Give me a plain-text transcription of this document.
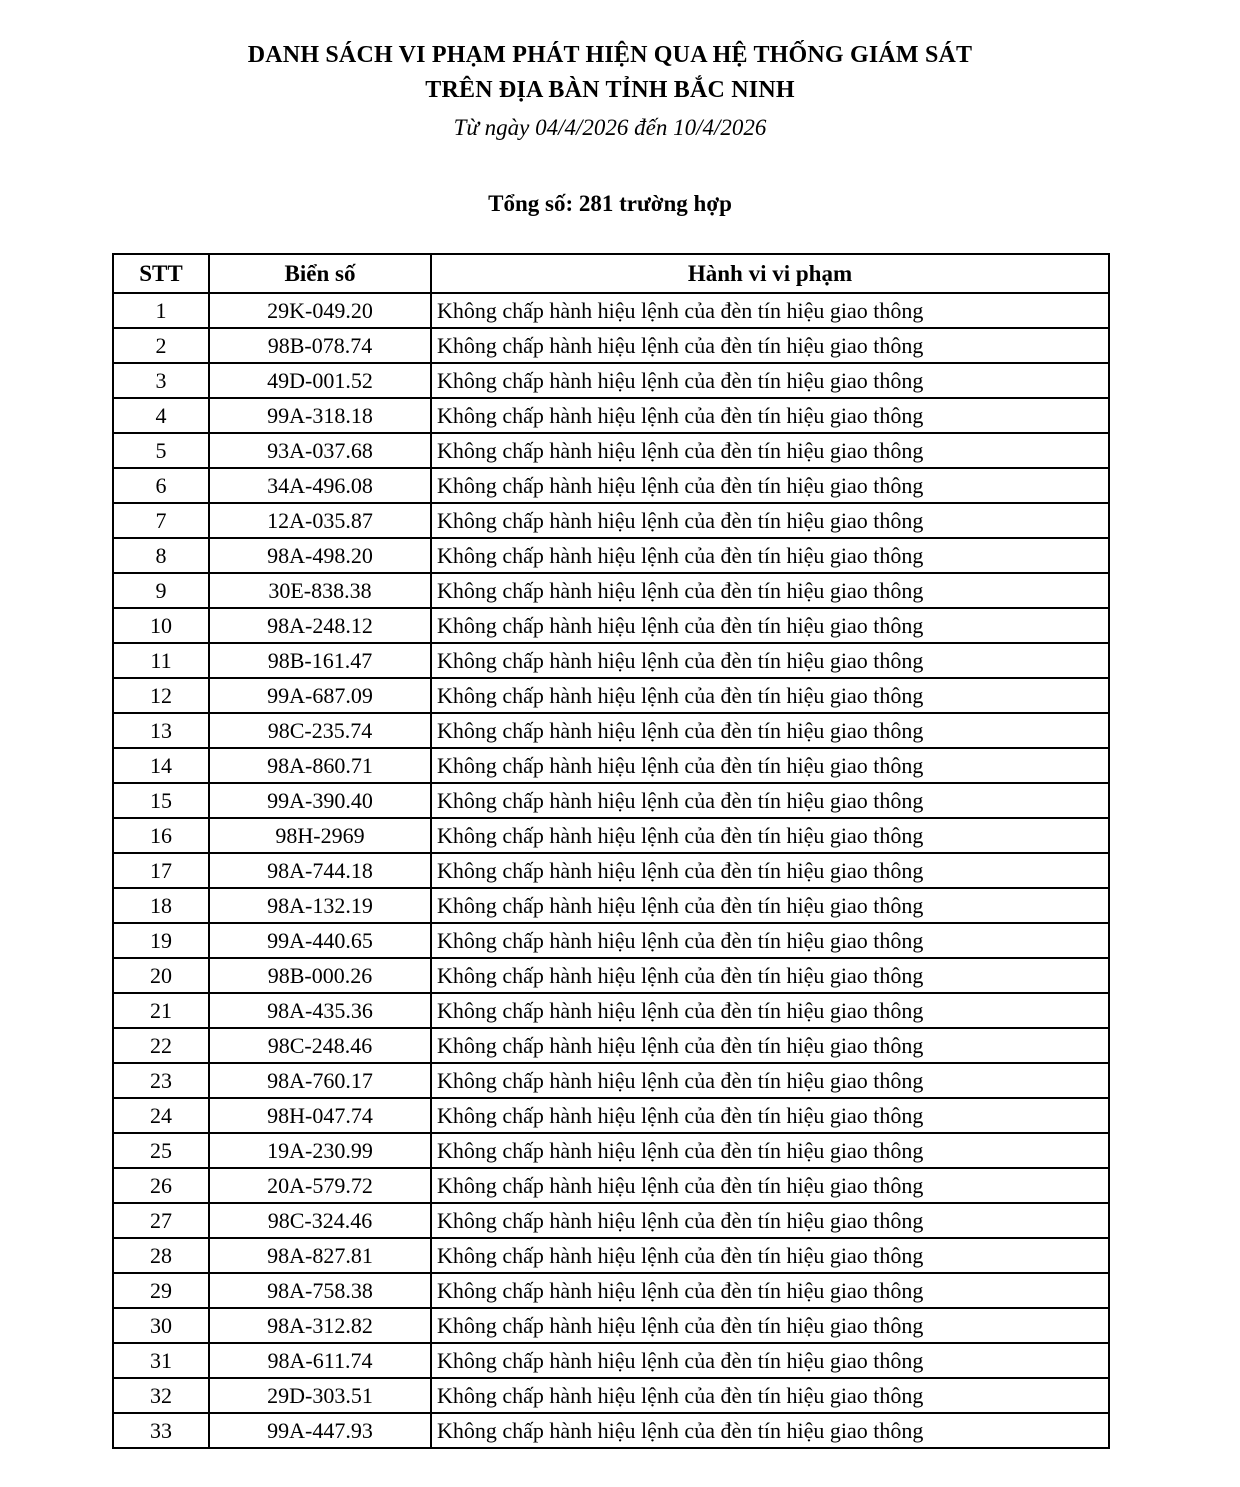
DANH SÁCH VI PHẠM PHÁT HIỆN QUA HỆ THỐNG GIÁM SÁT
TRÊN ĐỊA BÀN TỈNH BẮC NINH
Từ ngày 04/4/2026 đến 10/4/2026
Tổng số: 281 trường hợp
STT	Biển số	Hành vi vi phạm
1	29K-049.20	Không chấp hành hiệu lệnh của đèn tín hiệu giao thông
2	98B-078.74	Không chấp hành hiệu lệnh của đèn tín hiệu giao thông
3	49D-001.52	Không chấp hành hiệu lệnh của đèn tín hiệu giao thông
4	99A-318.18	Không chấp hành hiệu lệnh của đèn tín hiệu giao thông
5	93A-037.68	Không chấp hành hiệu lệnh của đèn tín hiệu giao thông
6	34A-496.08	Không chấp hành hiệu lệnh của đèn tín hiệu giao thông
7	12A-035.87	Không chấp hành hiệu lệnh của đèn tín hiệu giao thông
8	98A-498.20	Không chấp hành hiệu lệnh của đèn tín hiệu giao thông
9	30E-838.38	Không chấp hành hiệu lệnh của đèn tín hiệu giao thông
10	98A-248.12	Không chấp hành hiệu lệnh của đèn tín hiệu giao thông
11	98B-161.47	Không chấp hành hiệu lệnh của đèn tín hiệu giao thông
12	99A-687.09	Không chấp hành hiệu lệnh của đèn tín hiệu giao thông
13	98C-235.74	Không chấp hành hiệu lệnh của đèn tín hiệu giao thông
14	98A-860.71	Không chấp hành hiệu lệnh của đèn tín hiệu giao thông
15	99A-390.40	Không chấp hành hiệu lệnh của đèn tín hiệu giao thông
16	98H-2969	Không chấp hành hiệu lệnh của đèn tín hiệu giao thông
17	98A-744.18	Không chấp hành hiệu lệnh của đèn tín hiệu giao thông
18	98A-132.19	Không chấp hành hiệu lệnh của đèn tín hiệu giao thông
19	99A-440.65	Không chấp hành hiệu lệnh của đèn tín hiệu giao thông
20	98B-000.26	Không chấp hành hiệu lệnh của đèn tín hiệu giao thông
21	98A-435.36	Không chấp hành hiệu lệnh của đèn tín hiệu giao thông
22	98C-248.46	Không chấp hành hiệu lệnh của đèn tín hiệu giao thông
23	98A-760.17	Không chấp hành hiệu lệnh của đèn tín hiệu giao thông
24	98H-047.74	Không chấp hành hiệu lệnh của đèn tín hiệu giao thông
25	19A-230.99	Không chấp hành hiệu lệnh của đèn tín hiệu giao thông
26	20A-579.72	Không chấp hành hiệu lệnh của đèn tín hiệu giao thông
27	98C-324.46	Không chấp hành hiệu lệnh của đèn tín hiệu giao thông
28	98A-827.81	Không chấp hành hiệu lệnh của đèn tín hiệu giao thông
29	98A-758.38	Không chấp hành hiệu lệnh của đèn tín hiệu giao thông
30	98A-312.82	Không chấp hành hiệu lệnh của đèn tín hiệu giao thông
31	98A-611.74	Không chấp hành hiệu lệnh của đèn tín hiệu giao thông
32	29D-303.51	Không chấp hành hiệu lệnh của đèn tín hiệu giao thông
33	99A-447.93	Không chấp hành hiệu lệnh của đèn tín hiệu giao thông
